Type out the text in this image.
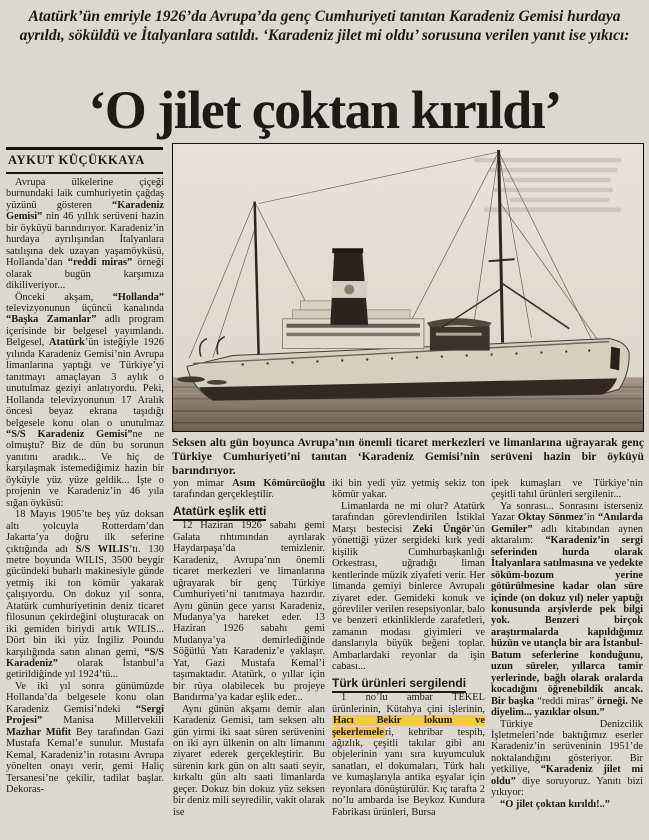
Atatürk’ün emriyle 1926’da Avrupa’da genç Cumhuriyeti tanıtan Karadeniz Gemisi hurdaya ayrıldı, söküldü ve İtalyanlara satıldı. ‘Karadeniz jilet mi oldu’ sorusuna verilen yanıt ise yıkıcı:
‘O jilet çoktan kırıldı’
AYKUT KÜÇÜKKAYA
Seksen altı gün boyunca Avrupa’nın önemli ticaret merkezleri ve limanlarına uğrayarak genç Türkiye Cumhuriyeti’ni tanıtan ‘Karadeniz Gemisi’nin serüveni hazin bir öyküyü barındırıyor.

Avrupa ülkelerine çiçeği burnundaki laik cumhuriyetin çağdaş yüzünü gösteren “Karadeniz Gemisi” nin 46 yıllık serüveni hazin bir öyküyü barındırıyor. Karadeniz’in hurdaya ayrılışından İtalyanlara satılışına dek uzayan yaşamöyküsü, Hollanda’dan “reddi miras” örneği olarak bugün karşımıza dikiliveriyor...

Önceki akşam, “Hollanda” televizyonunun üçüncü kanalında “Başka Zamanlar” adlı program içerisinde bir belgesel yayımlandı. Belgesel, Atatürk’ün isteğiyle 1926 yılında Karadeniz Gemisi’nin Avrupa limanlarına yaptığı ve Türkiye’yi tanıtmayı amaçlayan 3 aylık o unutulmaz geziyi anlatıyordu. Peki, Hollanda televizyonunun 17 Aralık öncesi beyaz ekrana taşıdığı belgesele konu olan o unutulmaz “S/S Karadeniz Gemisi”ne ne olmuştu? Biz de dün bu sorunun yanıtını aradık... Ve hiç de karşılaşmak istemediğimiz hazin bir öyküyle yüz yüze geldik... İşte o projenin ve Karadeniz’in 46 yıla sığan öyküsü:

18 Mayıs 1905’te beş yüz doksan altı yolcuyla Rotterdam’dan Jakarta’ya doğru ilk seferine çıktığında adı S/S WILIS’tı. 130 metre boyunda WILIS, 3500 beygir gücündeki buharlı makinesiyle günde yetmiş iki ton kömür yakarak çalışıyordu. On dokuz yıl sonra, Atatürk cumhuriyetinin deniz ticaret filosunun çekirdeğini oluşturacak on iki gemiden biriydi artık WILIS... Dört bin iki yüz İngiliz Poundu karşılığında satın alınan gemi, “S/S Karadeniz” olarak İstanbul’a getirildiğinde yıl 1924’tü...

Ve iki yıl sonra günümüzde Hollanda’da belgesele konu olan Karadeniz Gemisi’ndeki “Sergi Projesi” Manisa Milletvekili Mazhar Müfit Bey tarafından Gazi Mustafa Kemal’e sunulur. Mustafa Kemal, Karadeniz’in rotasını Avrupa yönelten onayı verir, gemi Haliç Tersanesi’ne çekilir, tadilat başlar. Dekoras-

yon mimar Asım Kömürcüoğlu tarafından gerçekleştilir.

Atatürk eşlik etti

12 Haziran 1926 sabahı gemi Galata rıhtımından ayrılarak Haydarpaşa’da temizlenir. Karadeniz, Avrupa’nın önemli ticaret merkezleri ve limanlarına uğrayarak bir genç Türkiye Cumhuriyeti’ni tanıtmaya hazırdır. Aynı günün gece yarısı Karadeniz, Mudanya’ya hareket eder. 13 Haziran 1926 sabahı gemi Mudanya’ya demirlediğinde Söğütlü Yatı Karadeniz’e yaklaşır. Yat, Gazi Mustafa Kemal’i taşımaktadır. Atatürk, o yıllar için bir rüya olabilecek bu projeye Bandırma’ya kadar eşlik eder...

Aynı günün akşamı demir alan Karadeniz Gemisi, tam seksen altı gün yirmi iki saat süren serüvenini on iki ayrı ülkenin on altı limanını ziyaret ederek gerçekleştirir. Bu sürenin kırk gün on altı saati seyir, kırkaltı gün altı saati limanlarda geçer. Dokuz bin dokuz yüz seksen bir deniz mili seyredilir, vakit olarak ise

iki bin yedi yüz yetmiş sekiz ton kömür yakar.

Limanlarda ne mi olur? Atatürk tarafından görevlendirilen İstiklal Marşı bestecisi Zeki Üngör’ün yönettiği yüzer sergideki kırk yedi kişilik Cumhurbaşkanlığı Orkestrası, uğradığı liman kentlerinde müzik ziyafeti verir. Her limanda gemiyi binlerce Avrupalı ziyaret eder. Gemideki konuk ve görevliler verilen resepsiyonlar, balo ve benzeri etkinliklerde zarafetleri, zamanın modası giyimleri ve danslarıyla büyük beğeni toplar. Ambarlardaki reyonlar da işin cabası...

Türk ürünleri sergilendi

1 no’lu ambar TEKEL ürünlerinin, Kütahya çini işlerinin, Hacı Bekir lokum ve şekerlemeleri, kehribar tespih, ağızlık, çeşitli takılar gibi anı objelerinin yanı sıra kuyumculuk sanatları, el dokumaları, Türk halı ve kumaşlarıyla antika eşyalar için reyonlara dönüştürülür. Kıç tarafta 2 no’lu ambarda ise Beykoz Kundura Fabrikası ürünleri, Bursa

ipek kumaşları ve Türkiye’nin çeşitli tahıl ürünleri sergilenir...

Ya sonrası... Sonrasını isterseniz Yazar Oktay Sönmez’in “Anılarda Gemiler” adlı kitabından aynen aktaralım: “Karadeniz’in sergi seferinden hurda olarak İtalyanlara satılmasına ve yedekte söküm-bozum yerine götürülmesine kadar olan süre içinde (on dokuz yıl) neler yaptığı konusunda arşivlerde pek bilgi yok. Benzeri birçok araştırmalarda kapıldığımız hüzün ve utançla bir ara İstanbul- Batum seferlerine konduğunu, uzun süreler, yıllarca tamir yerlerinde, bağlı olarak oralarda kocadığını öğrenebildik ancak. Bir başka “reddi miras” örneği. Ne diyelim... yazıklar olsun.”

Türkiye Denizcilik İşletmeleri’nde baktığımız eserler Karadeniz’in serüveninin 1951’de noktalandığını gösteriyor. Bir yetkiliye, “Karadeniz jilet mi oldu” diye soruyoruz. Yanıtı bizi yıkıyor:

“O jilet çoktan kırıldı!..”
